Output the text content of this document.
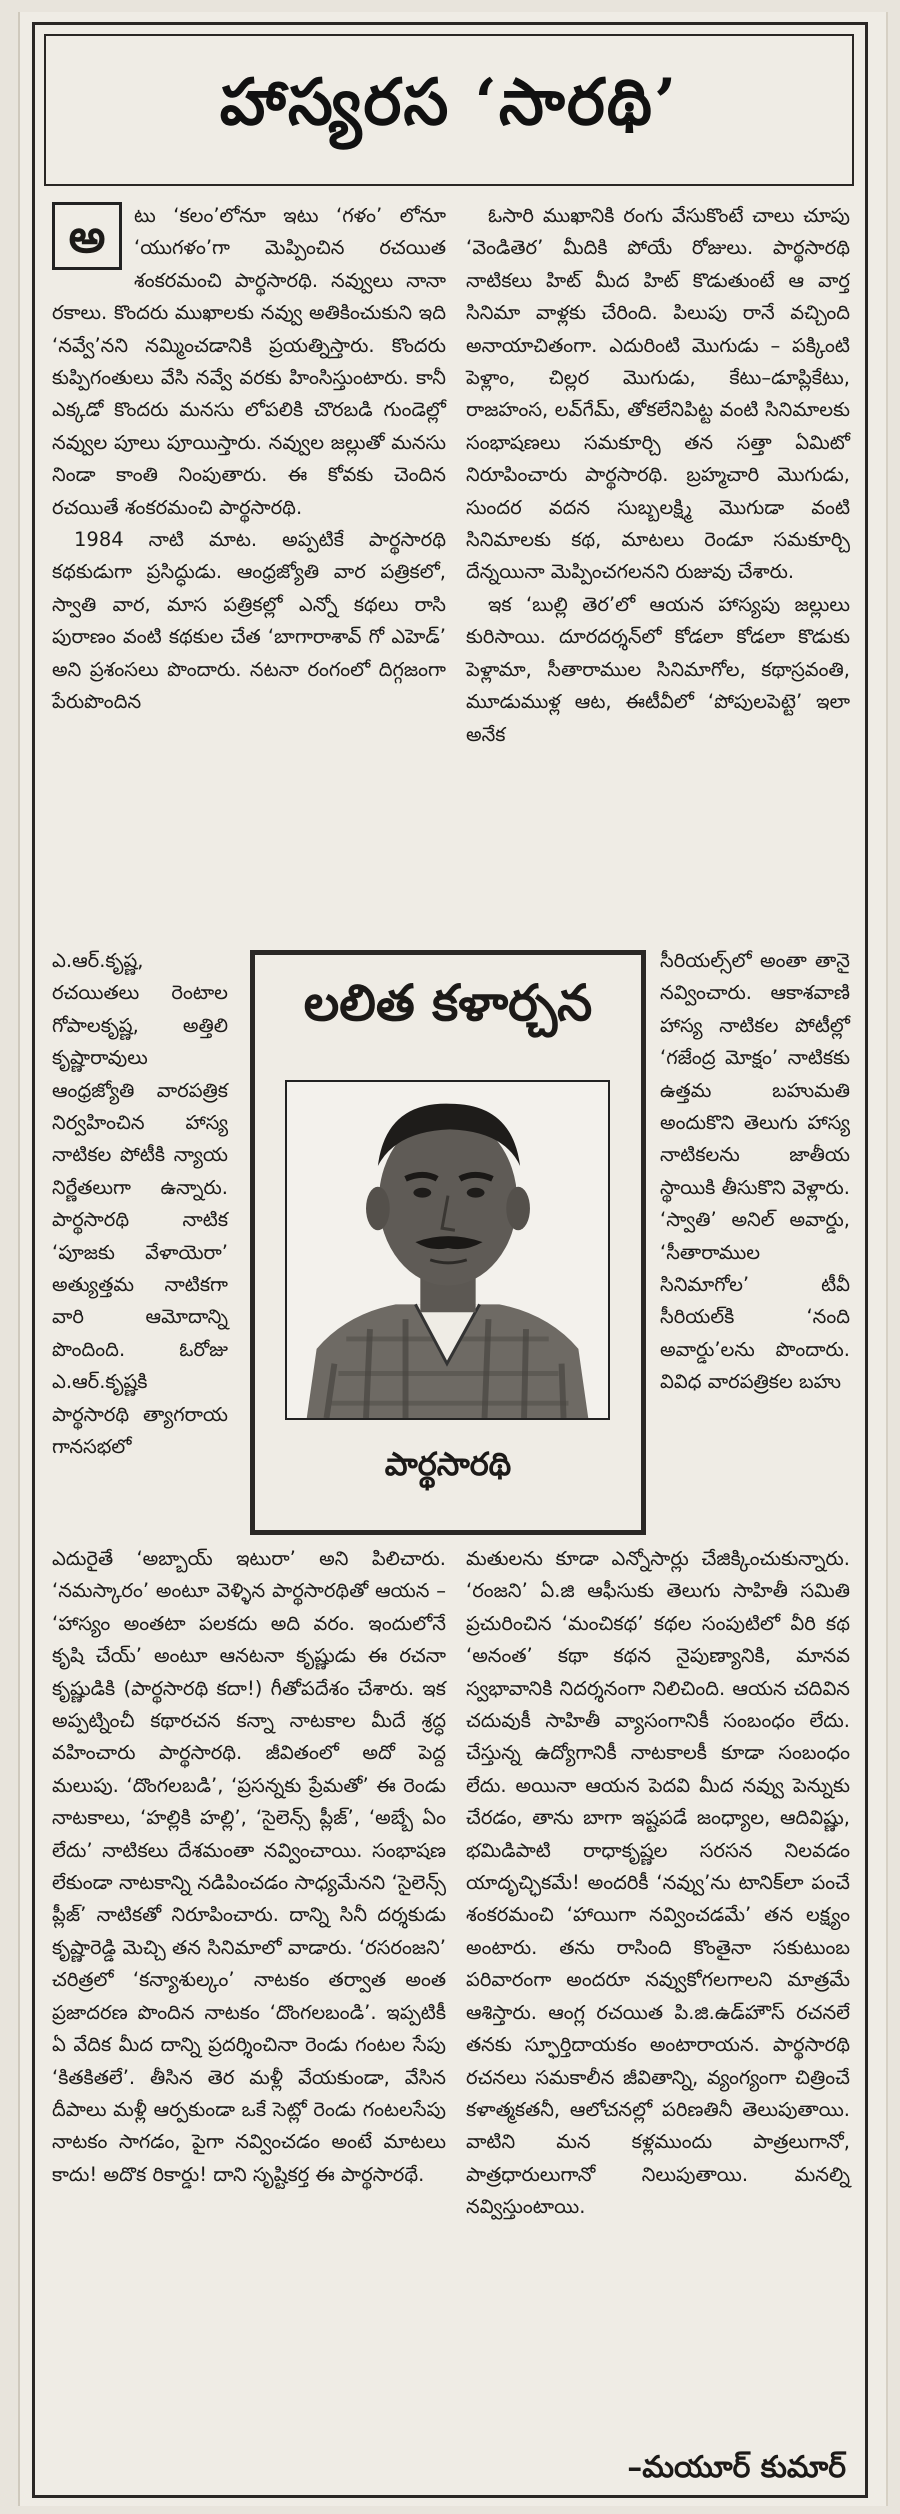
హాస్యరస ‘సారథి’
అ	టు ‘కలం’లోనూ ఇటు ‘గళం’ లోనూ ‘యుగళం’గా మెప్పించిన రచయిత శంకరమంచి పార్థసారథి. నవ్వులు నానా రకాలు. కొందరు ముఖాలకు నవ్వు అతికించుకుని ఇది ‘నవ్వే’నని నమ్మించడానికి ప్రయత్నిస్తారు. కొందరు కుప్పిగంతులు వేసి నవ్వే వరకు హింసిస్తుంటారు. కానీ ఎక్కడో కొందరు మనసు లోపలికి చొరబడి గుండెల్లో నవ్వుల పూలు పూయిస్తారు. నవ్వుల జల్లుతో మనసు నిండా కాంతి నింపుతారు. ఈ కోవకు చెందిన రచయితే శంకరమంచి పార్థసారథి.

1984 నాటి మాట. అప్పటికే పార్థసారథి కథకుడుగా ప్రసిద్ధుడు. ఆంధ్రజ్యోతి వార పత్రికలో, స్వాతి వార, మాస పత్రికల్లో ఎన్నో కథలు రాసి పురాణం వంటి కథకుల చేత ‘బాగారాశావ్ గో ఎహెడ్’ అని ప్రశంసలు పొందారు. నటనా రంగంలో దిగ్గజంగా పేరుపొందిన

ఎ.ఆర్.కృష్ణ, రచయితలు రెంటాల గోపాలకృష్ణ, అత్తిలి కృష్ణారావులు ఆంధ్రజ్యోతి వారపత్రిక నిర్వహించిన హాస్య నాటికల పోటీకి న్యాయ నిర్ణేతలుగా ఉన్నారు. పార్థసారథి నాటిక ‘పూజకు వేళాయెరా’ అత్యుత్తమ నాటికగా వారి ఆమోదాన్ని పొందింది. ఓరోజు ఎ.ఆర్.కృష్ణకి పార్థసారథి త్యాగరాయ గానసభలో

ఎదురైతే ‘అబ్బాయ్ ఇటురా’ అని పిలిచారు. ‘నమస్కారం’ అంటూ వెళ్ళిన పార్థసారథితో ఆయన – ‘హాస్యం అంతటా పలకదు అది వరం. ఇందులోనే కృషి చేయ్’ అంటూ ఆనటనా కృష్ణుడు ఈ రచనా కృష్ణుడికి (పార్థసారథి కదా!) గీతోపదేశం చేశారు. ఇక అప్పట్నించీ కథారచన కన్నా నాటకాల మీదే శ్రద్ధ వహించారు పార్థసారథి. జీవితంలో అదో పెద్ద మలుపు. ‘దొంగలబడి’, ‘ప్రసన్నకు ప్రేమతో’ ఈ రెండు నాటకాలు, ‘హల్లికి హల్లి’, ‘సైలెన్స్ ప్లీజ్’, ‘అబ్బే ఏం లేదు’ నాటికలు దేశమంతా నవ్వించాయి. సంభాషణ లేకుండా నాటకాన్ని నడిపించడం సాధ్యమేనని ‘సైలెన్స్ ప్లీజ్’ నాటికతో నిరూపించారు. దాన్ని సినీ దర్శకుడు కృష్ణారెడ్డి మెచ్చి తన సినిమాలో వాడారు. ‘రసరంజని’ చరిత్రలో ‘కన్యాశుల్కం’ నాటకం తర్వాత అంత ప్రజాదరణ పొందిన నాటకం ‘దొంగలబండి’. ఇప్పటికీ ఏ వేదిక మీద దాన్ని ప్రదర్శించినా రెండు గంటల సేపు ‘కితకితలే’. తీసిన తెర మళ్లీ వేయకుండా, వేసిన దీపాలు మళ్లీ ఆర్పకుండా ఒకే సెట్లో రెండు గంటలసేపు నాటకం సాగడం, పైగా నవ్వించడం అంటే మాటలు కాదు! అదొక రికార్డు! దాని సృష్టికర్త ఈ పార్థసారథే.

ఓసారి ముఖానికి రంగు వేసుకొంటే చాలు చూపు ‘వెండితెర’ మీదికి పోయే రోజులు. పార్థసారథి నాటికలు హిట్ మీద హిట్ కొడుతుంటే ఆ వార్త సినిమా వాళ్లకు చేరింది. పిలుపు రానే వచ్చింది అనాయాచితంగా. ఎదురింటి మొగుడు – పక్కింటి పెళ్లాం, చిల్లర మొగుడు, కేటు–డూప్లికేటు, రాజహంస, లవ్‌గేమ్, తోకలేనిపిట్ట వంటి సినిమాలకు సంభాషణలు సమకూర్చి తన సత్తా ఏమిటో నిరూపించారు పార్థసారథి. బ్రహ్మచారి మొగుడు, సుందర వదన సుబ్బలక్ష్మి మొగుడా వంటి సినిమాలకు కథ, మాటలు రెండూ సమకూర్చి దేన్నయినా మెప్పించగలనని రుజువు చేశారు.

ఇక ‘బుల్లి తెర’లో ఆయన హాస్యపు జల్లులు కురిసాయి. దూరదర్శన్‌లో కోడలా కోడలా కొడుకు పెళ్లామా, సీతారాముల సినిమాగోల, కథాస్రవంతి, మూడుముళ్ల ఆట, ఈటీవీలో ‘పోపులపెట్టె’ ఇలా అనేక

సీరియల్స్‌లో అంతా తానై నవ్వించారు. ఆకాశవాణి హాస్య నాటికల పోటీల్లో ‘గజేంద్ర మోక్షం’ నాటికకు ఉత్తమ బహుమతి అందుకొని తెలుగు హాస్య నాటికలను జాతీయ స్థాయికి తీసుకొని వెళ్లారు. ‘స్వాతి’ అనిల్ అవార్డు, ‘సీతారాముల సినిమాగోల’ టీవీ సీరియల్‌కి ‘నంది అవార్డు’లను పొందారు. వివిధ వారపత్రికల బహు

మతులను కూడా ఎన్నోసార్లు చేజిక్కించుకున్నారు. ‘రంజని’ ఏ.జి ఆఫీసుకు తెలుగు సాహితీ సమితి ప్రచురించిన ‘మంచికథ’ కథల సంపుటిలో వీరి కథ ‘అనంత’ కథా కథన నైపుణ్యానికి, మానవ స్వభావానికి నిదర్శనంగా నిలిచింది. ఆయన చదివిన చదువుకీ సాహితీ వ్యాసంగానికీ సంబంధం లేదు. చేస్తున్న ఉద్యోగానికీ నాటకాలకీ కూడా సంబంధం లేదు. అయినా ఆయన పెదవి మీద నవ్వు పెన్నుకు చేరడం, తాను బాగా ఇష్టపడే జంధ్యాల, ఆదివిష్ణు, భమిడిపాటి రాధాకృష్ణల సరసన నిలవడం యాదృచ్ఛికమే! అందరికీ ‘నవ్వు’ను టానిక్‌లా పంచే శంకరమంచి ‘హాయిగా నవ్వించడమే’ తన లక్ష్యం అంటారు. తను రాసింది కొంతైనా సకుటుంబ పరివారంగా అందరూ నవ్వుకోగలగాలని మాత్రమే ఆశిస్తారు. ఆంగ్ల రచయిత పి.జి.ఉడ్‌హౌస్ రచనలే తనకు స్ఫూర్తిదాయకం అంటారాయన. పార్థసారథి రచనలు సమకాలీన జీవితాన్ని, వ్యంగ్యంగా చిత్రించే కళాత్మకతనీ, ఆలోచనల్లో పరిణతినీ తెలుపుతాయి. వాటిని మన కళ్లముందు పాత్రలుగానో, పాత్రధారులుగానో నిలుపుతాయి. మనల్ని నవ్విస్తుంటాయి.

లలిత కళార్చన
పార్థసారథి
–మయూర్ కుమార్
